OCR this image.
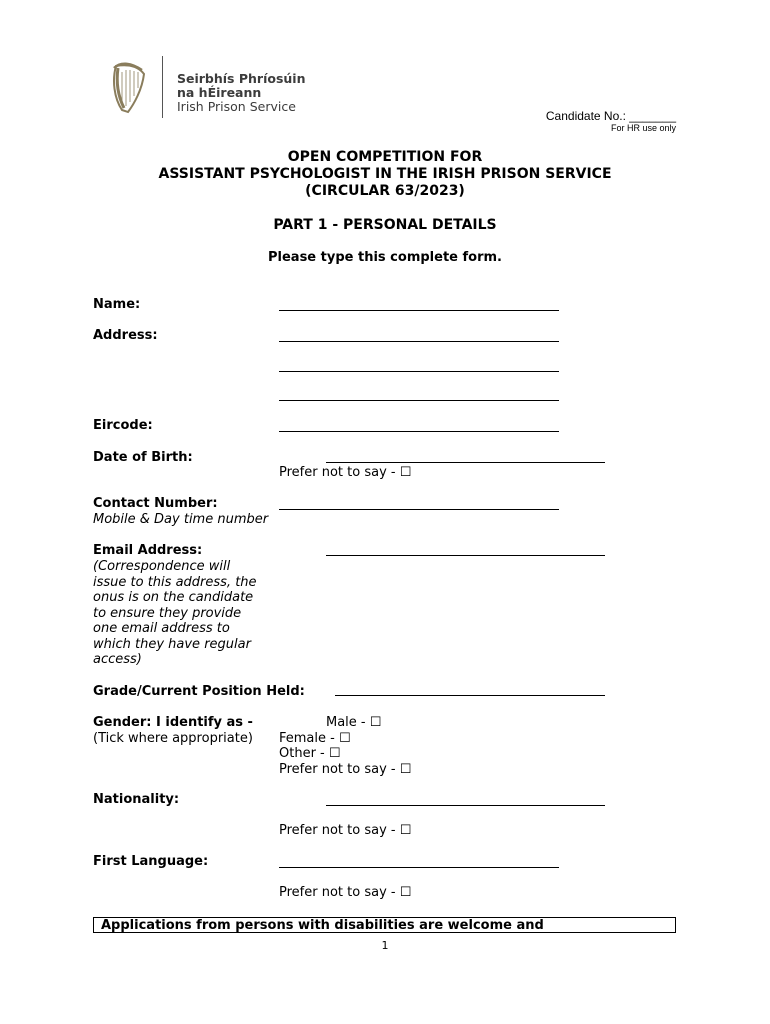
Seirbhís Phríosúin
na hÉireann
Irish Prison Service
Candidate No.: _______
For HR use only
OPEN COMPETITION FOR
ASSISTANT PSYCHOLOGIST IN THE IRISH PRISON SERVICE
(CIRCULAR 63/2023)
PART 1 - PERSONAL DETAILS
Please type this complete form.
Name:
Address:
Eircode:
Date of Birth:
Prefer not to say - ☐
Contact Number:
Mobile & Day time number
Email Address:
(Correspondence will
issue to this address, the
onus is on the candidate
to ensure they provide
one email address to
which they have regular
access)
Grade/Current Position Held:
Gender: I identify as -
(Tick where appropriate)
Male - ☐
Female - ☐
Other - ☐
Prefer not to say - ☐
Nationality:
Prefer not to say - ☐
First Language:
Prefer not to say - ☐
Applications from persons with disabilities are welcome and
1
